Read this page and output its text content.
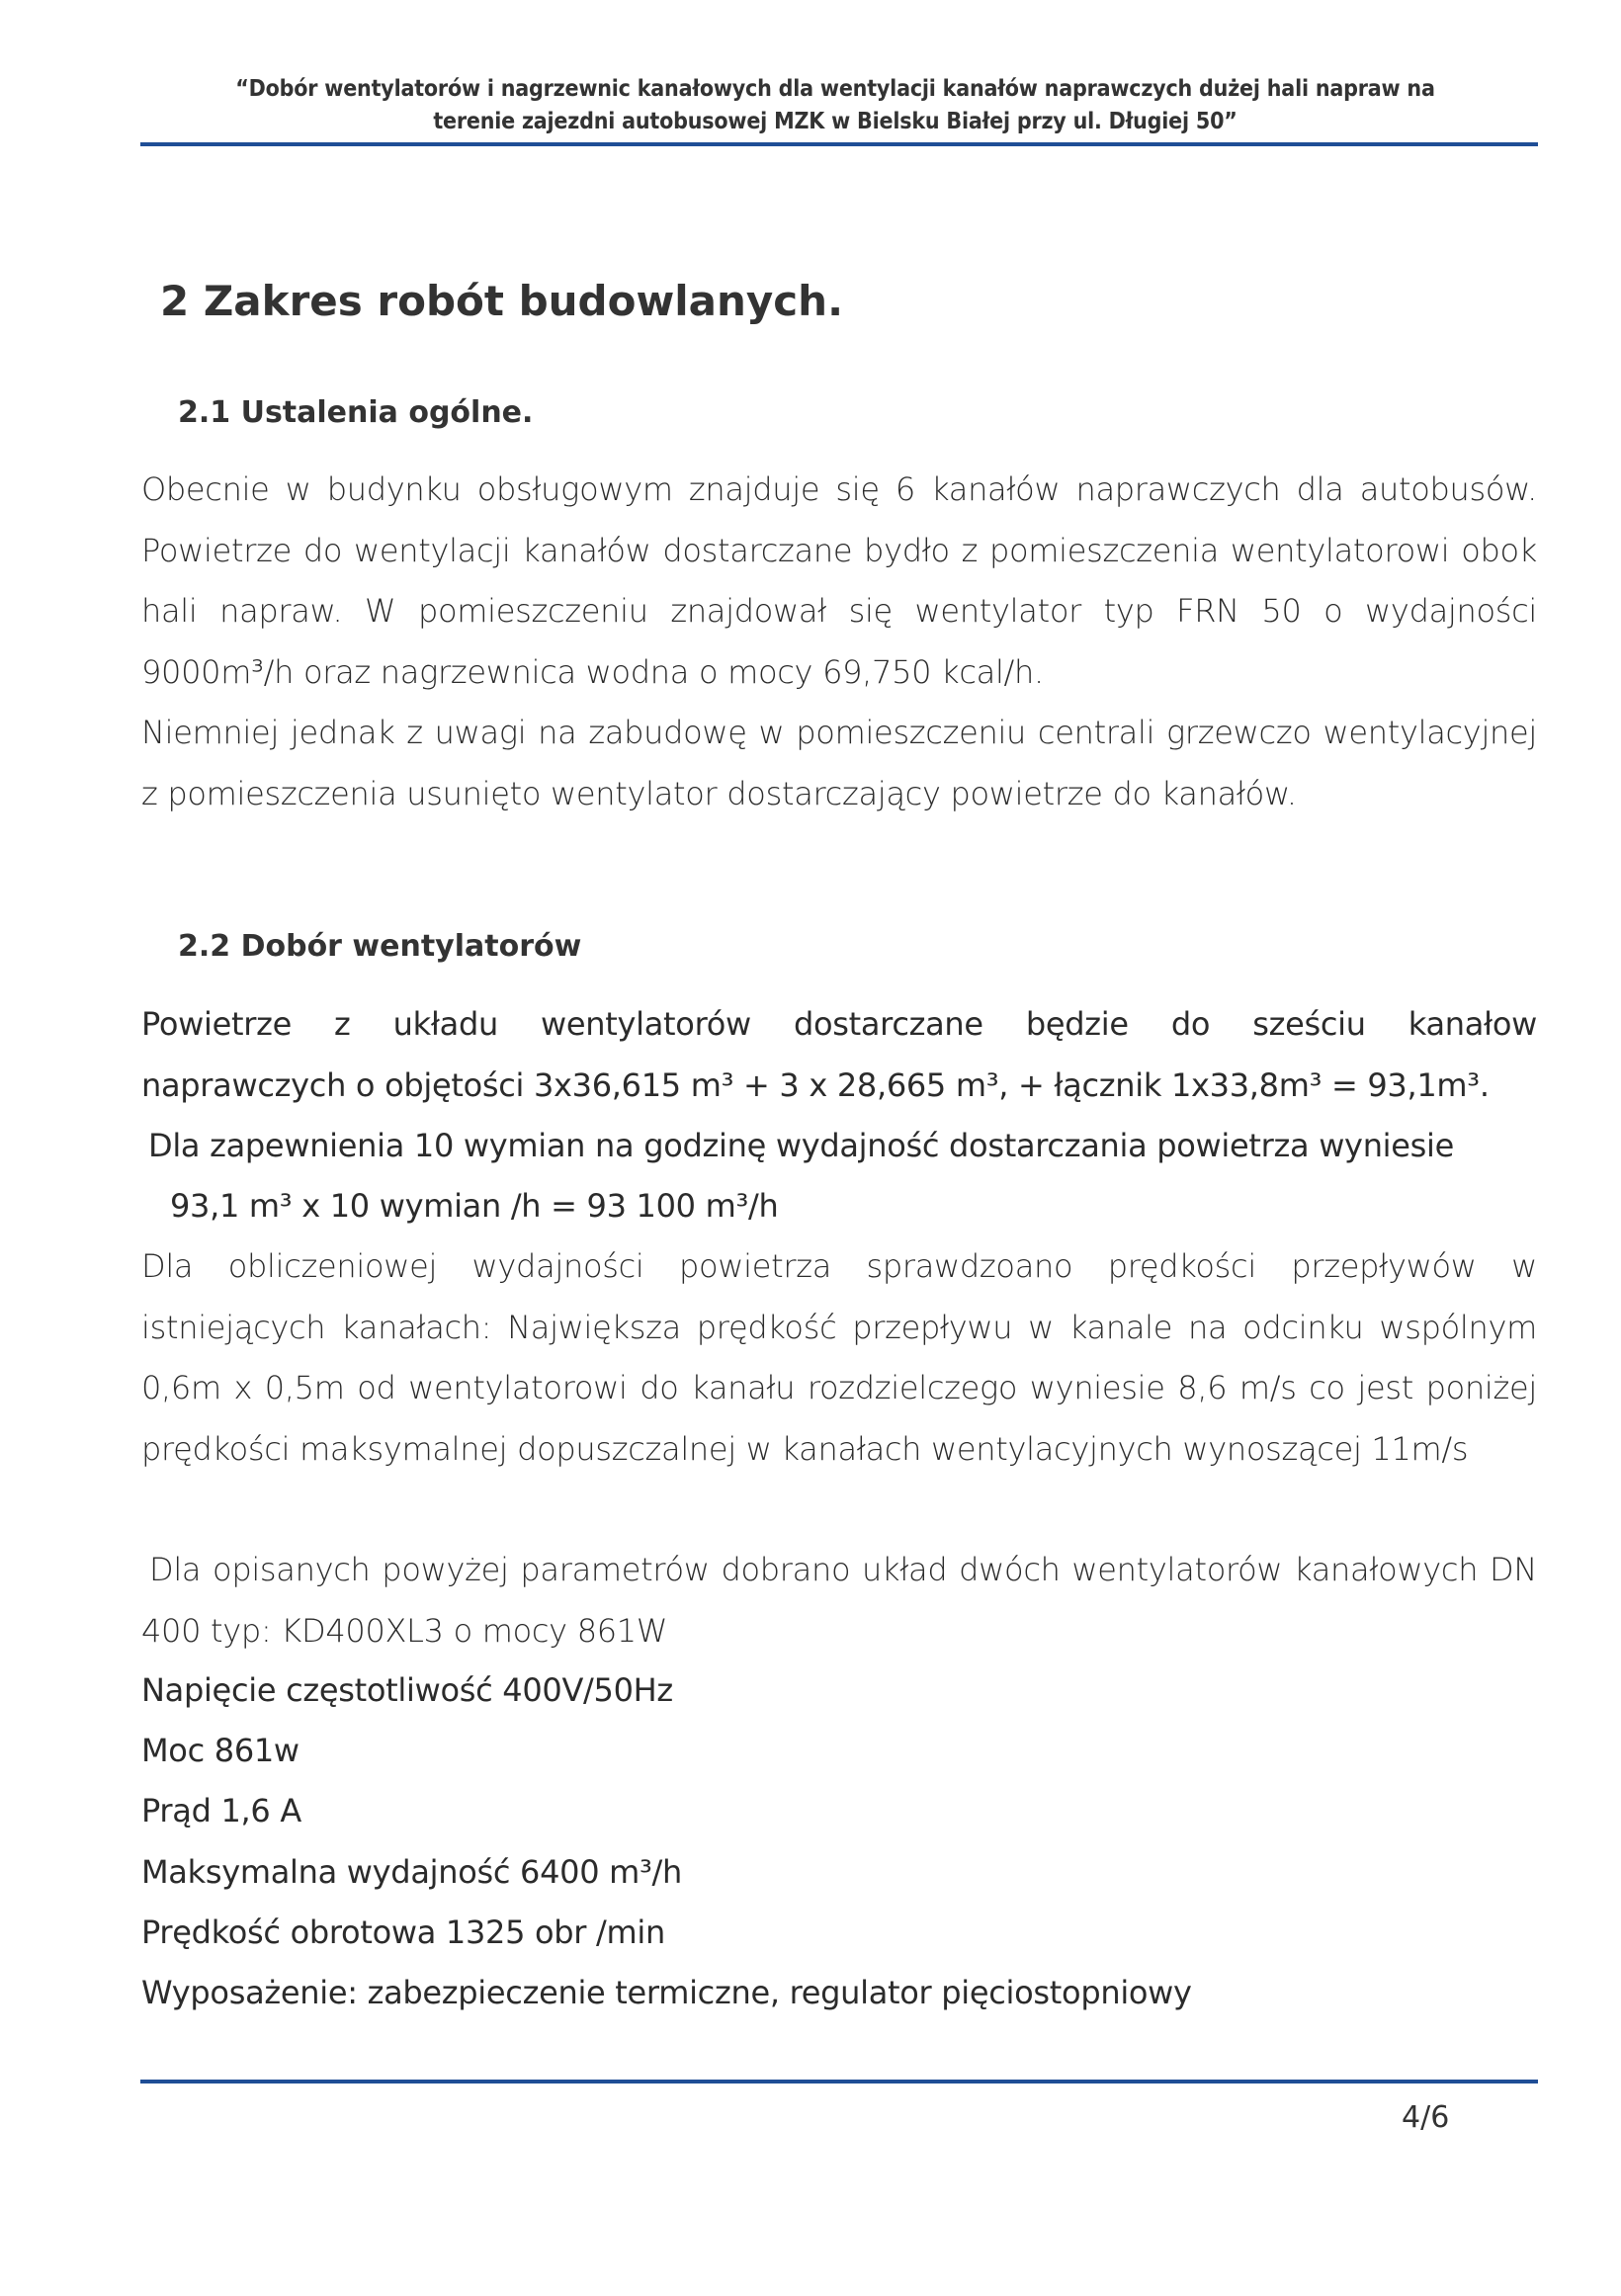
“Dobór wentylatorów i nagrzewnic kanałowych dla wentylacji kanałów naprawczych dużej hali napraw na
terenie zajezdni autobusowej MZK w Bielsku Białej przy ul. Długiej 50”
2 Zakres robót budowlanych.
2.1 Ustalenia ogólne.
Obecnie w budynku obsługowym znajduje się 6 kanałów naprawczych dla autobusów. Powietrze do wentylacji kanałów dostarczane bydło z pomieszczenia wentylatorowi obok hali napraw. W pomieszczeniu znajdował się wentylator typ FRN 50 o wydajności 9000m³/h oraz nagrzewnica wodna o mocy 69,750 kcal/h.
Niemniej jednak z uwagi na zabudowę w pomieszczeniu centrali grzewczo wentylacyjnej z pomieszczenia usunięto wentylator dostarczający powietrze do kanałów.
2.2 Dobór wentylatorów
Powietrze z układu wentylatorów dostarczane będzie do sześciu kanałow
naprawczych o objętości 3x36,615 m³ + 3 x 28,665 m³, + łącznik 1x33,8m³ = 93,1m³.
Dla zapewnienia 10 wymian na godzinę wydajność dostarczania powietrza wyniesie
93,1 m³ x 10 wymian /h = 93 100 m³/h
Dla obliczeniowej wydajności powietrza sprawdzoano prędkości przepływów w istniejących kanałach: Największa prędkość przepływu w kanale na odcinku wspólnym 0,6m x 0,5m od wentylatorowi do kanału rozdzielczego wyniesie 8,6 m/s co jest poniżej prędkości maksymalnej dopuszczalnej w kanałach wentylacyjnych wynoszącej 11m/s
Dla opisanych powyżej parametrów dobrano układ dwóch wentylatorów kanałowych DN 400 typ: KD400XL3 o mocy 861W
Napięcie częstotliwość 400V/50Hz
Moc 861w
Prąd 1,6 A
Maksymalna wydajność 6400 m³/h
Prędkość obrotowa 1325 obr /min
Wyposażenie: zabezpieczenie termiczne, regulator pięciostopniowy
4/6
